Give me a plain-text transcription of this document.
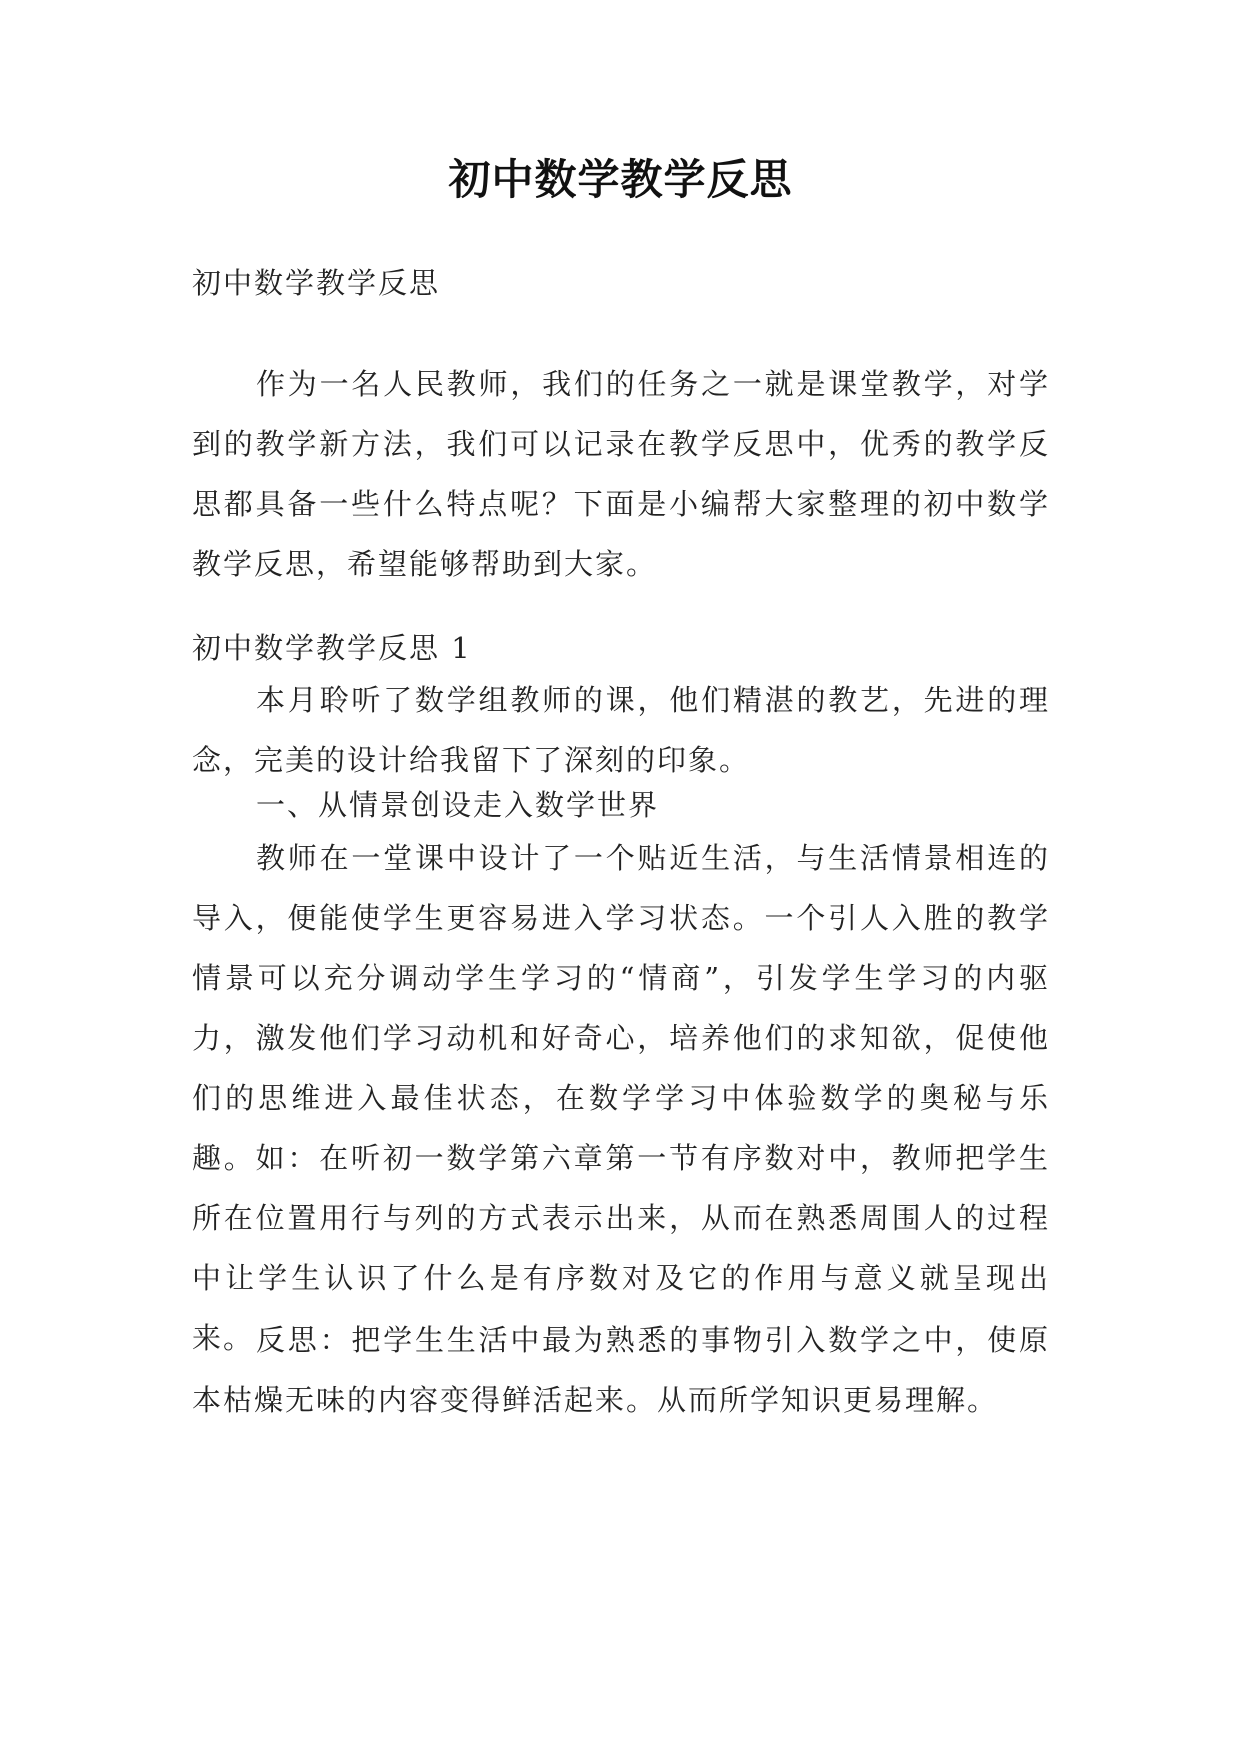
初中数学教学反思
初中数学教学反思

作为一名人民教师，我们的任务之一就是课堂教学，对学到的教学新方法，我们可以记录在教学反思中，优秀的教学反思都具备一些什么特点呢？下面是小编帮大家整理的初中数学教学反思，希望能够帮助到大家。

初中数学教学反思 1

本月聆听了数学组教师的课，他们精湛的教艺，先进的理念，完美的设计给我留下了深刻的印象。

一、从情景创设走入数学世界

教师在一堂课中设计了一个贴近生活，与生活情景相连的导入，便能使学生更容易进入学习状态。一个引人入胜的教学情景可以充分调动学生学习的“情商”，引发学生学习的内驱力，激发他们学习动机和好奇心，培养他们的求知欲，促使他们的思维进入最佳状态，在数学学习中体验数学的奥秘与乐趣。如：在听初一数学第六章第一节有序数对中，教师把学生所在位置用行与列的方式表示出来，从而在熟悉周围人的过程中让学生认识了什么是有序数对及它的作用与意义就呈现出来。 反思：把学生生活中最为熟悉的事物引入数学之中，使原本枯燥无味的内容变得鲜活起来。从而所学知识更易理解。
